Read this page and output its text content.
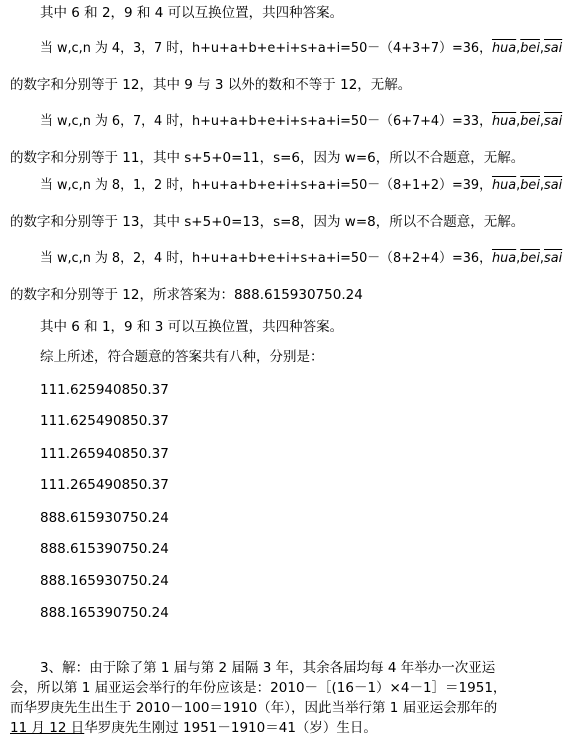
其中 6 和 2，9 和 4 可以互换位置，共四种答案。
当 w,c,n 为 4，3，7 时，h+u+a+b+e+i+s+a+i=50－（4+3+7）=36，$\overline{hua},\overline{bei},\overline{sai}$
的数字和分别等于 12，其中 9 与 3 以外的数和不等于 12，无解。
当 w,c,n 为 6，7，4 时，h+u+a+b+e+i+s+a+i=50－（6+7+4）=33，$\overline{hua},\overline{bei},\overline{sai}$
的数字和分别等于 11，其中 s+5+0=11，s=6，因为 w=6，所以不合题意，无解。
当 w,c,n 为 8，1，2 时，h+u+a+b+e+i+s+a+i=50－（8+1+2）=39，$\overline{hua},\overline{bei},\overline{sai}$
的数字和分别等于 13，其中 s+5+0=13，s=8，因为 w=8，所以不合题意，无解。
当 w,c,n 为 8，2，4 时，h+u+a+b+e+i+s+a+i=50－（8+2+4）=36，$\overline{hua},\overline{bei},\overline{sai}$
的数字和分别等于 12，所求答案为：888.615930750.24
其中 6 和 1，9 和 3 可以互换位置，共四种答案。
综上所述，符合题意的答案共有八种，分别是：
111.625940850.37
111.625490850.37
111.265940850.37
111.265490850.37
888.615930750.24
888.615390750.24
888.165930750.24
888.165390750.24
3、解：由于除了第 1 届与第 2 届隔 3 年，其余各届均每 4 年举办一次亚运
会，所以第 1 届亚运会举行的年份应该是：2010－［(16－1）×4－1］＝1951，
而华罗庚先生出生于 2010－100＝1910（年），因此当举行第 1 届亚运会那年的
11 月 12 日华罗庚先生刚过 1951－1910＝41（岁）生日。
